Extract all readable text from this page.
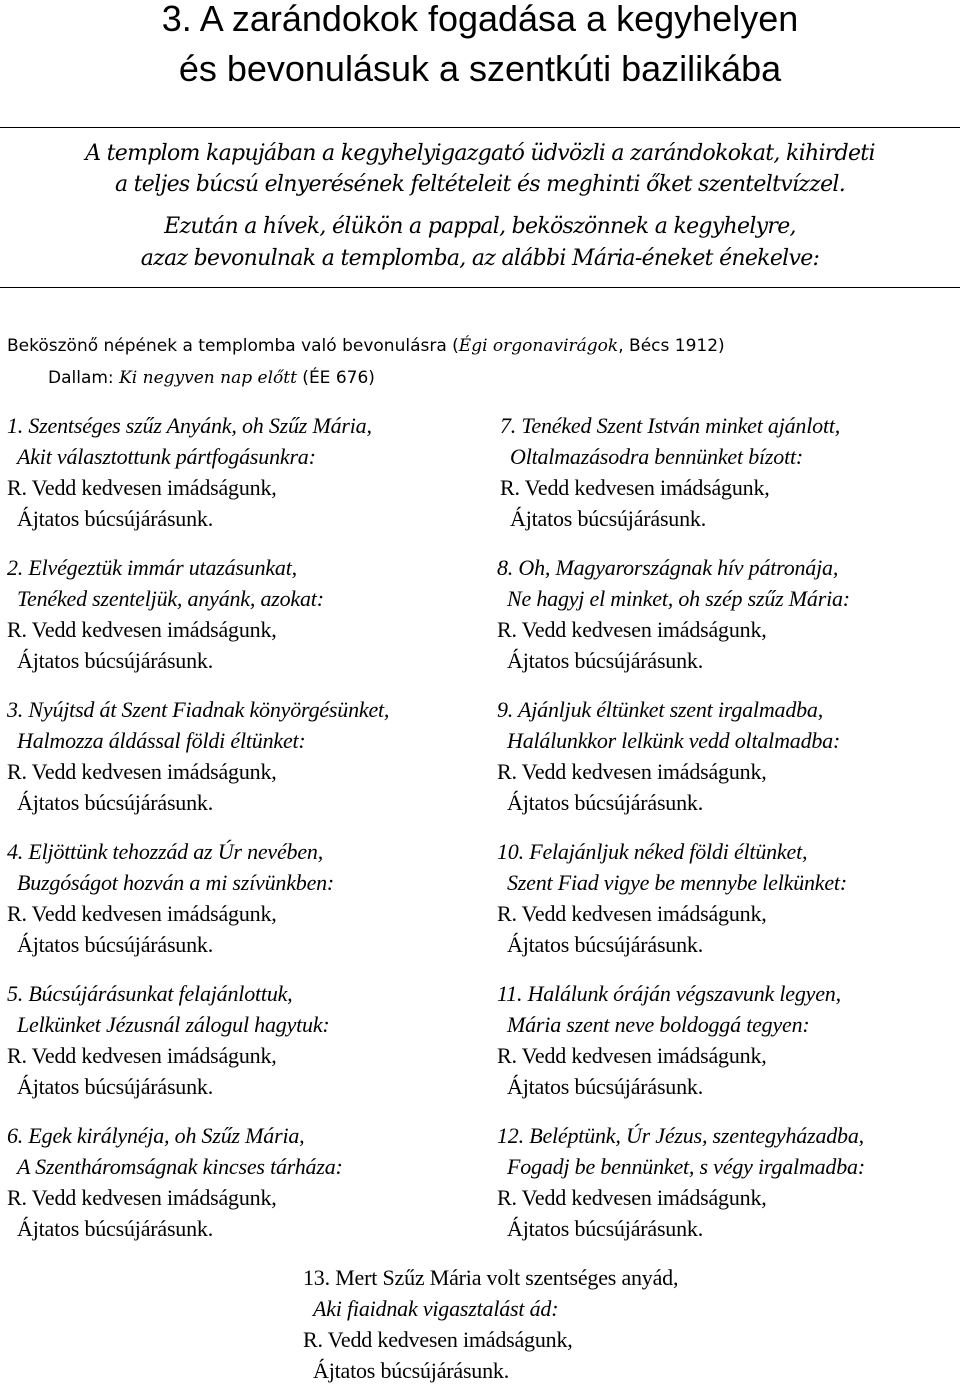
3. A zarándokok fogadása a kegyhelyen
és bevonulásuk a szentkúti bazilikába
A templom kapujában a kegyhelyigazgató üdvözli a zarándokokat, kihirdeti
a teljes búcsú elnyerésének feltételeit és meghinti őket szenteltvízzel.
Ezután a hívek, élükön a pappal, beköszönnek a kegyhelyre,
azaz bevonulnak a templomba, az alábbi Mária-éneket énekelve:
Beköszönő népének a templomba való bevonulásra (Égi orgonavirágok, Bécs 1912)
Dallam: Ki negyven nap előtt (ÉE 676)
1. Szentséges szűz Anyánk, oh Szűz Mária,
Akit választottunk pártfogásunkra:
R. Vedd kedvesen imádságunk,
Ájtatos búcsújárásunk.
2. Elvégeztük immár utazásunkat,
Tenéked szenteljük, anyánk, azokat:
R. Vedd kedvesen imádságunk,
Ájtatos búcsújárásunk.
3. Nyújtsd át Szent Fiadnak könyörgésünket,
Halmozza áldással földi éltünket:
R. Vedd kedvesen imádságunk,
Ájtatos búcsújárásunk.
4. Eljöttünk tehozzád az Úr nevében,
Buzgóságot hozván a mi szívünkben:
R. Vedd kedvesen imádságunk,
Ájtatos búcsújárásunk.
5. Búcsújárásunkat felajánlottuk,
Lelkünket Jézusnál zálogul hagytuk:
R. Vedd kedvesen imádságunk,
Ájtatos búcsújárásunk.
6. Egek királynéja, oh Szűz Mária,
A Szentháromságnak kincses tárháza:
R. Vedd kedvesen imádságunk,
Ájtatos búcsújárásunk.
7. Tenéked Szent István minket ajánlott,
Oltalmazásodra bennünket bízott:
R. Vedd kedvesen imádságunk,
Ájtatos búcsújárásunk.
8. Oh, Magyarországnak hív pátronája,
Ne hagyj el minket, oh szép szűz Mária:
R. Vedd kedvesen imádságunk,
Ájtatos búcsújárásunk.
9. Ajánljuk éltünket szent irgalmadba,
Halálunkkor lelkünk vedd oltalmadba:
R. Vedd kedvesen imádságunk,
Ájtatos búcsújárásunk.
10. Felajánljuk néked földi éltünket,
Szent Fiad vigye be mennybe lelkünket:
R. Vedd kedvesen imádságunk,
Ájtatos búcsújárásunk.
11. Halálunk óráján végszavunk legyen,
Mária szent neve boldoggá tegyen:
R. Vedd kedvesen imádságunk,
Ájtatos búcsújárásunk.
12. Beléptünk, Úr Jézus, szentegyházadba,
Fogadj be bennünket, s végy irgalmadba:
R. Vedd kedvesen imádságunk,
Ájtatos búcsújárásunk.
13. Mert Szűz Mária volt szentséges anyád,
Aki fiaidnak vigasztalást ád:
R. Vedd kedvesen imádságunk,
Ájtatos búcsújárásunk.
